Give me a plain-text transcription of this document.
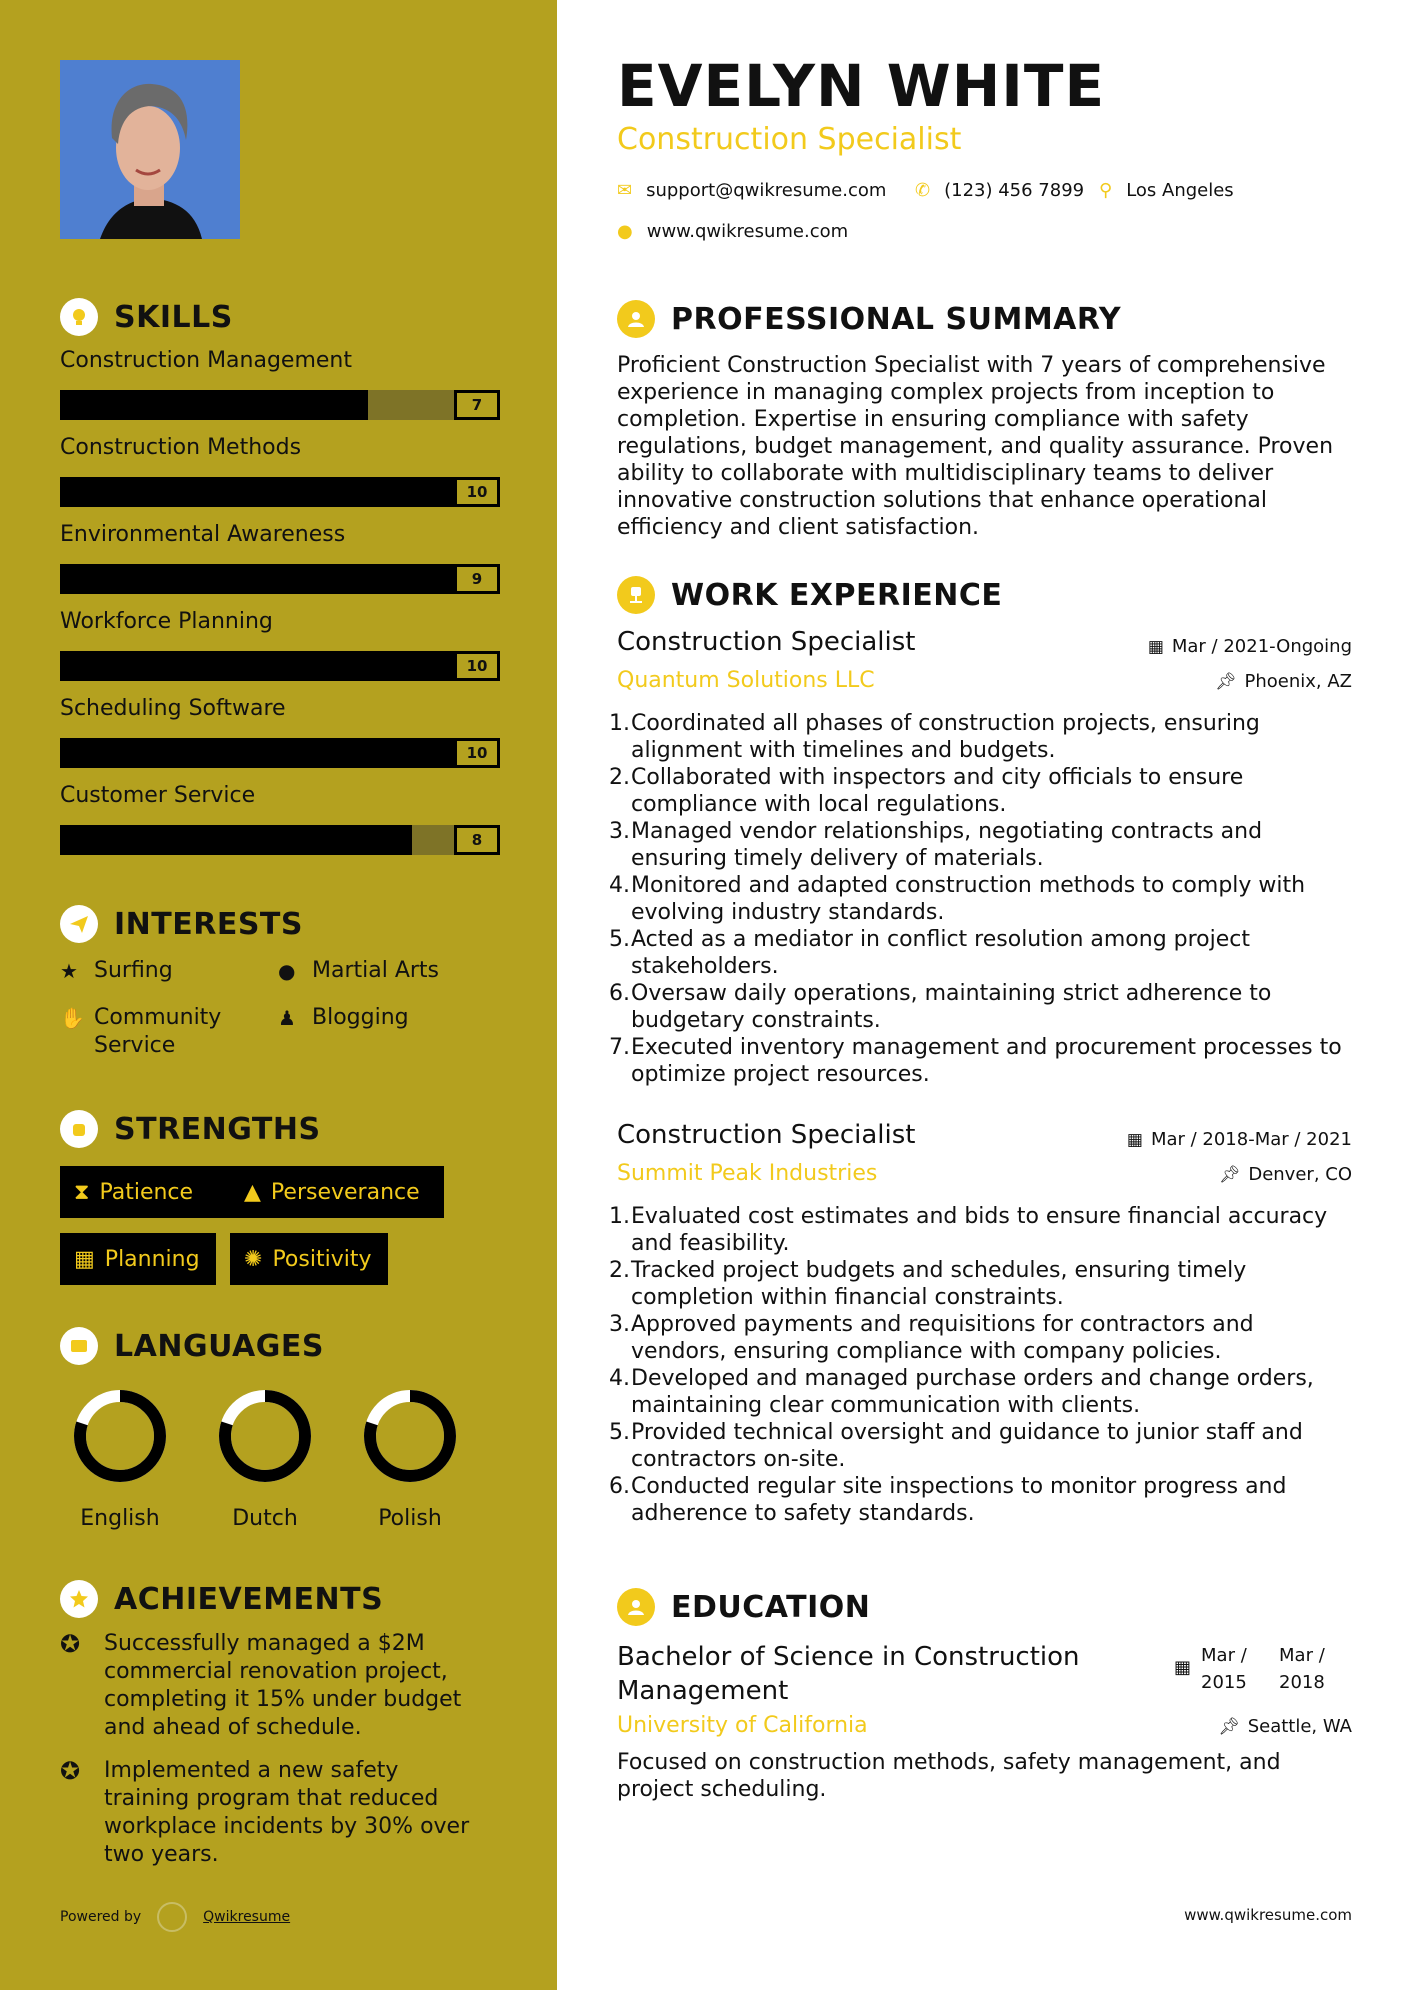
SKILLS
Construction Management
7
Construction Methods
10
Environmental Awareness
9
Workforce Planning
10
Scheduling Software
10
Customer Service
8
INTERESTS
★ Surfing	● Martial Arts
✋ Community Service
♟ Blogging
STRENGTHS
⧗ Patience ▲ Perseverance
▦ Planning ✺ Positivity
LANGUAGES
English	Dutch	Polish
ACHIEVEMENTS
✪	Successfully managed a $2M commercial renovation project, completing it 15% under budget and ahead of schedule.
✪	Implemented a new safety training program that reduced workplace incidents by 30% over two years.
Powered by	Qwikresume
EVELYN WHITE
Construction Specialist
✉ support@qwikresume.com ✆ (123) 456 7899 ⚲ Los Angeles
● www.qwikresume.com
PROFESSIONAL SUMMARY
Proficient Construction Specialist with 7 years of comprehensive experience in managing complex projects from inception to completion. Expertise in ensuring compliance with safety regulations, budget management, and quality assurance. Proven ability to collaborate with multidisciplinary teams to deliver innovative construction solutions that enhance operational efficiency and client satisfaction.
WORK EXPERIENCE
Construction Specialist	▦ Mar / 2021-Ongoing
Quantum Solutions LLC	📌︎ Phoenix, AZ
1. Coordinated all phases of construction projects, ensuring alignment with timelines and budgets.
2. Collaborated with inspectors and city officials to ensure compliance with local regulations.
3. Managed vendor relationships, negotiating contracts and ensuring timely delivery of materials.
4. Monitored and adapted construction methods to comply with evolving industry standards.
5. Acted as a mediator in conflict resolution among project stakeholders.
6. Oversaw daily operations, maintaining strict adherence to budgetary constraints.
7. Executed inventory management and procurement processes to optimize project resources.
Construction Specialist	▦ Mar / 2018-Mar / 2021
Summit Peak Industries	📌︎ Denver, CO
1. Evaluated cost estimates and bids to ensure financial accuracy and feasibility.
2. Tracked project budgets and schedules, ensuring timely completion within financial constraints.
3. Approved payments and requisitions for contractors and vendors, ensuring compliance with company policies.
4. Developed and managed purchase orders and change orders, maintaining clear communication with clients.
5. Provided technical oversight and guidance to junior staff and contractors on-site.
6. Conducted regular site inspections to monitor progress and adherence to safety standards.
EDUCATION
Bachelor of Science in Construction Management
▦
Mar / 2015
Mar / 2018
University of California	📌︎ Seattle, WA
Focused on construction methods, safety management, and project scheduling.
www.qwikresume.com
